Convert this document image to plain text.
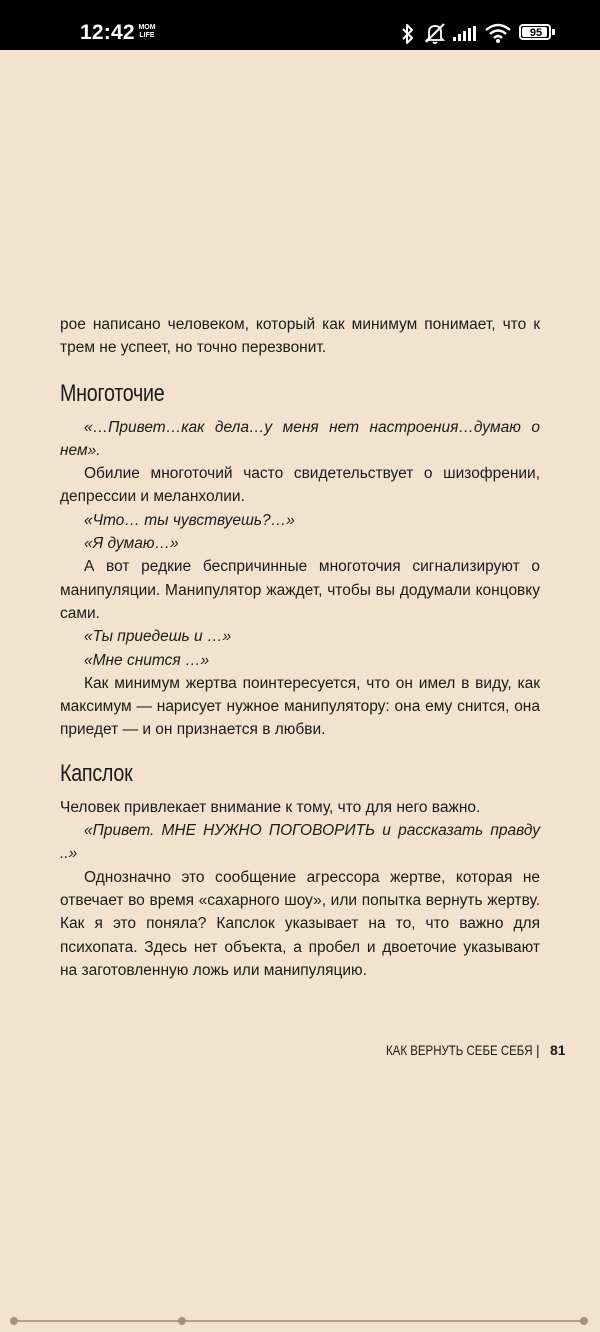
12:42 MOM LIFE	95

рое написано человеком, который как минимум понимает, что к трем не успеет, но точно перезвонит.

Многоточие

«…Привет…как дела…у меня нет настроения…думаю о нем».

Обилие многоточий часто свидетельствует о шизофрении, депрессии и меланхолии.

«Что… ты чувствуешь?…»

«Я думаю…»

А вот редкие беспричинные многоточия сигнализируют о манипуляции. Манипулятор жаждет, чтобы вы додумали концовку сами.

«Ты приедешь и …»

«Мне снится …»

Как минимум жертва поинтересуется, что он имел в виду, как максимум — нарисует нужное манипулятору: она ему снится, она приедет — и он признается в любви.

Капслок

Человек привлекает внимание к тому, что для него важно.

«Привет. МНЕ НУЖНО ПОГОВОРИТЬ и рассказать правду ..»

Однозначно это сообщение агрессора жертве, которая не отвечает во время «сахарного шоу», или попытка вернуть жертву. Как я это поняла? Капслок указывает на то, что важно для психопата. Здесь нет объекта, а пробел и двоеточие указывают на заготовленную ложь или манипуляцию.

КАК ВЕРНУТЬ СЕБЕ СЕБЯ | 81
